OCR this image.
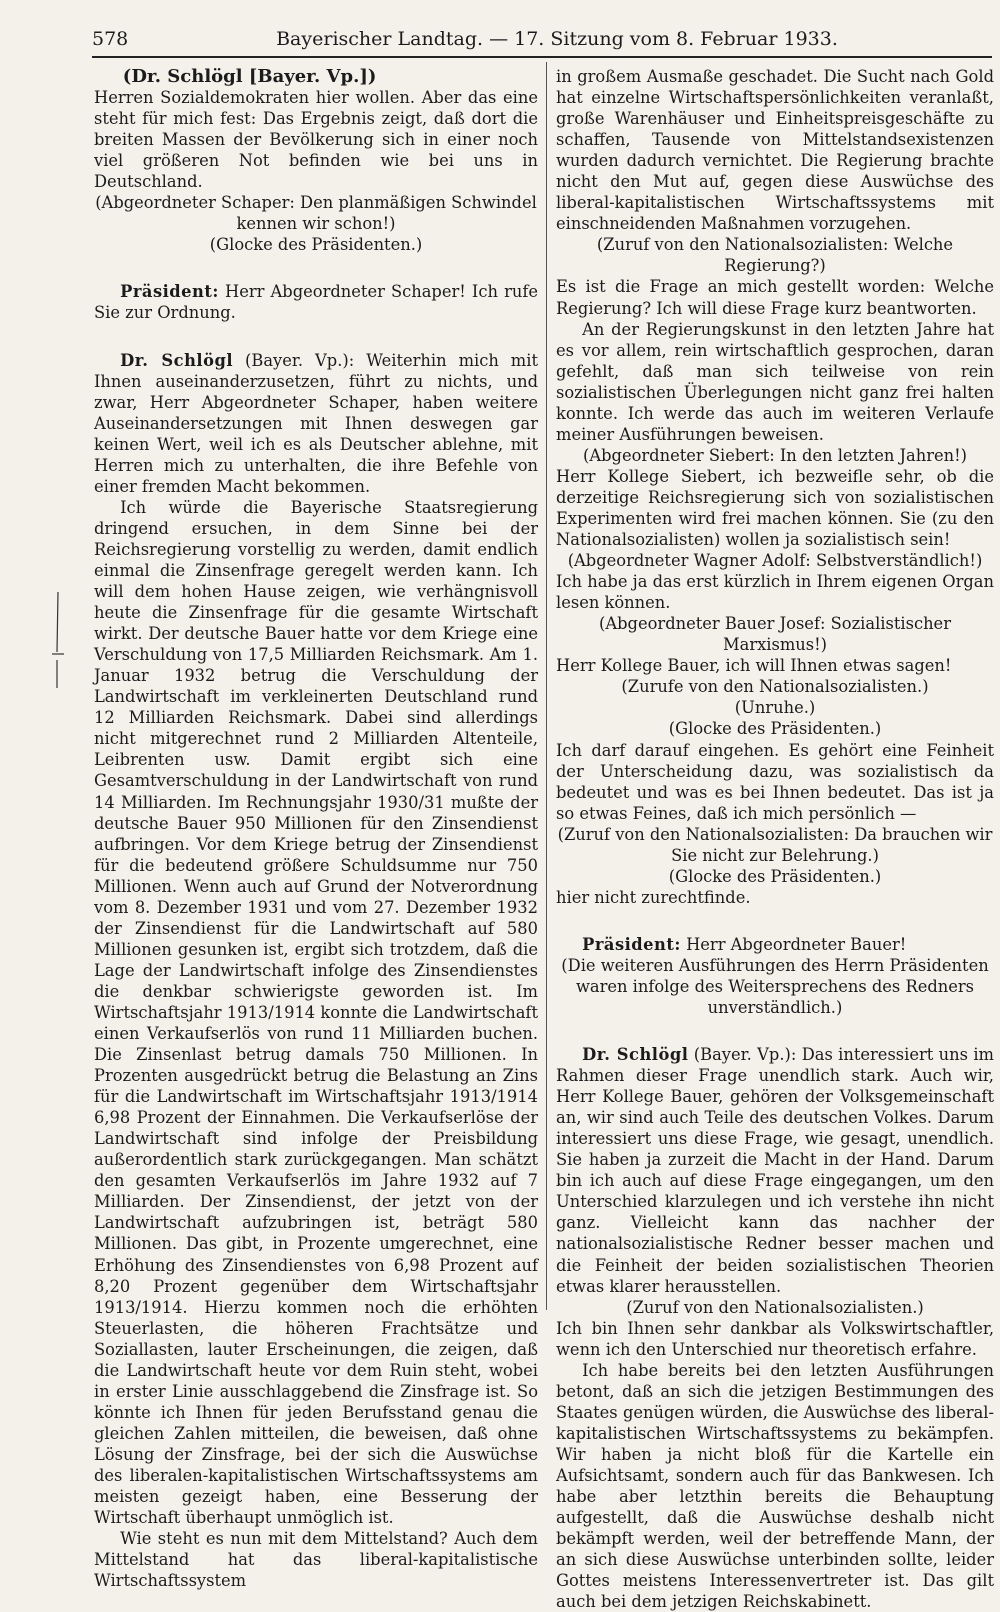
578	Bayerischer Landtag. — 17. Sitzung vom 8. Februar 1933.

(Dr. Schlögl [Bayer. Vp.])

Herren Sozialdemokraten hier wollen. Aber das eine steht für mich fest: Das Ergebnis zeigt, daß dort die breiten Massen der Bevölkerung sich in einer noch viel größeren Not befinden wie bei uns in Deutschland.

(Abgeordneter Schaper: Den planmäßigen Schwindel kennen wir schon!)

(Glocke des Präsidenten.)

Präsident: Herr Abgeordneter Schaper! Ich rufe Sie zur Ordnung.

Dr. Schlögl (Bayer. Vp.): Weiterhin mich mit Ihnen auseinanderzusetzen, führt zu nichts, und zwar, Herr Abgeordneter Schaper, haben weitere Auseinandersetzungen mit Ihnen deswegen gar keinen Wert, weil ich es als Deutscher ablehne, mit Herren mich zu unterhalten, die ihre Befehle von einer fremden Macht bekommen.

Ich würde die Bayerische Staatsregierung dringend ersuchen, in dem Sinne bei der Reichsregierung vorstellig zu werden, damit endlich einmal die Zinsenfrage geregelt werden kann. Ich will dem hohen Hause zeigen, wie verhängnisvoll heute die Zinsenfrage für die gesamte Wirtschaft wirkt. Der deutsche Bauer hatte vor dem Kriege eine Verschuldung von 17,5 Milliarden Reichsmark. Am 1. Januar 1932 betrug die Verschuldung der Landwirtschaft im verkleinerten Deutschland rund 12 Milliarden Reichsmark. Dabei sind allerdings nicht mitgerechnet rund 2 Milliarden Altenteile, Leibrenten usw. Damit ergibt sich eine Gesamtverschuldung in der Landwirtschaft von rund 14 Milliarden. Im Rechnungsjahr 1930/31 mußte der deutsche Bauer 950 Millionen für den Zinsendienst aufbringen. Vor dem Kriege betrug der Zinsendienst für die bedeutend größere Schuldsumme nur 750 Millionen. Wenn auch auf Grund der Notverordnung vom 8. Dezember 1931 und vom 27. Dezember 1932 der Zinsendienst für die Landwirtschaft auf 580 Millionen gesunken ist, ergibt sich trotzdem, daß die Lage der Landwirtschaft infolge des Zinsendienstes die denkbar schwierigste geworden ist. Im Wirtschaftsjahr 1913/1914 konnte die Landwirtschaft einen Verkaufserlös von rund 11 Milliarden buchen. Die Zinsenlast betrug damals 750 Millionen. In Prozenten ausgedrückt betrug die Belastung an Zins für die Landwirtschaft im Wirtschaftsjahr 1913/1914 6,98 Prozent der Einnahmen. Die Verkaufserlöse der Landwirtschaft sind infolge der Preisbildung außerordentlich stark zurückgegangen. Man schätzt den gesamten Verkaufserlös im Jahre 1932 auf 7 Milliarden. Der Zinsendienst, der jetzt von der Landwirtschaft aufzubringen ist, beträgt 580 Millionen. Das gibt, in Prozente umgerechnet, eine Erhöhung des Zinsendienstes von 6,98 Prozent auf 8,20 Prozent gegenüber dem Wirtschaftsjahr 1913/1914. Hierzu kommen noch die erhöhten Steuerlasten, die höheren Frachtsätze und Soziallasten, lauter Erscheinungen, die zeigen, daß die Landwirtschaft heute vor dem Ruin steht, wobei in erster Linie ausschlaggebend die Zinsfrage ist. So könnte ich Ihnen für jeden Berufsstand genau die gleichen Zahlen mitteilen, die beweisen, daß ohne Lösung der Zinsfrage, bei der sich die Auswüchse des liberalen-kapitalistischen Wirtschaftssystems am meisten gezeigt haben, eine Besserung der Wirtschaft überhaupt unmöglich ist.

Wie steht es nun mit dem Mittelstand? Auch dem Mittelstand hat das liberal-kapitalistische Wirtschaftssystem

in großem Ausmaße geschadet. Die Sucht nach Gold hat einzelne Wirtschaftspersönlichkeiten veranlaßt, große Warenhäuser und Einheitspreisgeschäfte zu schaffen, Tausende von Mittelstandsexistenzen wurden dadurch vernichtet. Die Regierung brachte nicht den Mut auf, gegen diese Auswüchse des liberal-kapitalistischen Wirtschaftssystems mit einschneidenden Maßnahmen vorzugehen.

(Zuruf von den Nationalsozialisten: Welche Regierung?)

Es ist die Frage an mich gestellt worden: Welche Regierung? Ich will diese Frage kurz beantworten.

An der Regierungskunst in den letzten Jahre hat es vor allem, rein wirtschaftlich gesprochen, daran gefehlt, daß man sich teilweise von rein sozialistischen Überlegungen nicht ganz frei halten konnte. Ich werde das auch im weiteren Verlaufe meiner Ausführungen beweisen.

(Abgeordneter Siebert: In den letzten Jahren!)

Herr Kollege Siebert, ich bezweifle sehr, ob die derzeitige Reichsregierung sich von sozialistischen Experimenten wird frei machen können. Sie (zu den Nationalsozialisten) wollen ja sozialistisch sein!

(Abgeordneter Wagner Adolf: Selbstverständlich!)

Ich habe ja das erst kürzlich in Ihrem eigenen Organ lesen können.

(Abgeordneter Bauer Josef: Sozialistischer Marxismus!)

Herr Kollege Bauer, ich will Ihnen etwas sagen!

(Zurufe von den Nationalsozialisten.)

(Unruhe.)

(Glocke des Präsidenten.)

Ich darf darauf eingehen. Es gehört eine Feinheit der Unterscheidung dazu, was sozialistisch da bedeutet und was es bei Ihnen bedeutet. Das ist ja so etwas Feines, daß ich mich persönlich —

(Zuruf von den Nationalsozialisten: Da brauchen wir Sie nicht zur Belehrung.)

(Glocke des Präsidenten.)

hier nicht zurechtfinde.

Präsident: Herr Abgeordneter Bauer!

(Die weiteren Ausführungen des Herrn Präsidenten waren infolge des Weitersprechens des Redners unverständlich.)

Dr. Schlögl (Bayer. Vp.): Das interessiert uns im Rahmen dieser Frage unendlich stark. Auch wir, Herr Kollege Bauer, gehören der Volksgemeinschaft an, wir sind auch Teile des deutschen Volkes. Darum interessiert uns diese Frage, wie gesagt, unendlich. Sie haben ja zurzeit die Macht in der Hand. Darum bin ich auch auf diese Frage eingegangen, um den Unterschied klarzulegen und ich verstehe ihn nicht ganz. Vielleicht kann das nachher der nationalsozialistische Redner besser machen und die Feinheit der beiden sozialistischen Theorien etwas klarer herausstellen.

(Zuruf von den Nationalsozialisten.)

Ich bin Ihnen sehr dankbar als Volkswirtschaftler, wenn ich den Unterschied nur theoretisch erfahre.

Ich habe bereits bei den letzten Ausführungen betont, daß an sich die jetzigen Bestimmungen des Staates genügen würden, die Auswüchse des liberal-kapitalistischen Wirtschaftssystems zu bekämpfen. Wir haben ja nicht bloß für die Kartelle ein Aufsichtsamt, sondern auch für das Bankwesen. Ich habe aber letzthin bereits die Behauptung aufgestellt, daß die Auswüchse deshalb nicht bekämpft werden, weil der betreffende Mann, der an sich diese Auswüchse unterbinden sollte, leider Gottes meistens Interessenvertreter ist. Das gilt auch bei dem jetzigen Reichskabinett.
